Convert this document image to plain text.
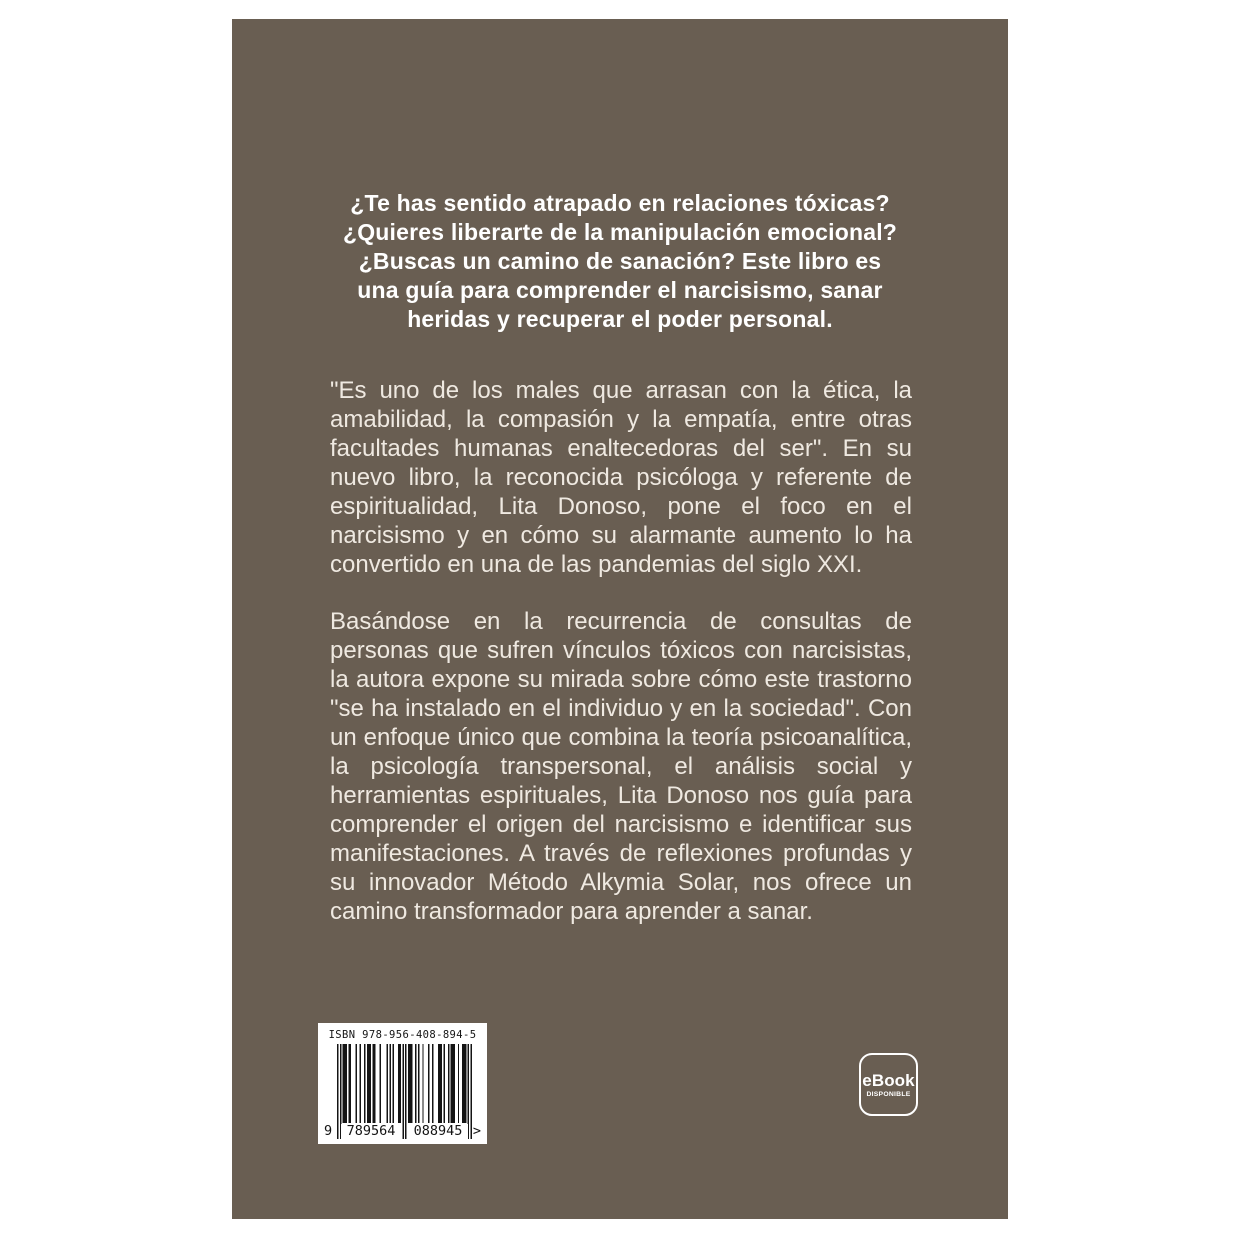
¿Te has sentido atrapado en relaciones tóxicas?
¿Quieres liberarte de la manipulación emocional?
¿Buscas un camino de sanación? Este libro es
una guía para comprender el narcisismo, sanar
heridas y recuperar el poder personal.

"Es uno de los males que arrasan con la ética, la amabilidad, la compasión y la empatía, entre otras facultades humanas enaltecedoras del ser". En su nuevo libro, la reconocida psicóloga y referente de espiritualidad, Lita Donoso, pone el foco en el narcisismo y en cómo su alarmante aumento lo ha convertido en una de las pandemias del siglo XXI.

Basándose en la recurrencia de consultas de personas que sufren vínculos tóxicos con narcisistas, la autora expone su mirada sobre cómo este trastorno "se ha instalado en el individuo y en la sociedad". Con un enfoque único que combina la teoría psicoanalítica, la psicología transpersonal, el análisis social y herramientas espirituales, Lita Donoso nos guía para comprender el origen del narcisismo e identificar sus manifestaciones. A través de reflexiones profundas y su innovador Método Alkymia Solar, nos ofrece un camino transformador para aprender a sanar.

ISBN 978-956-408-894-5
9	789564	088945 >
eBook
DISPONIBLE
